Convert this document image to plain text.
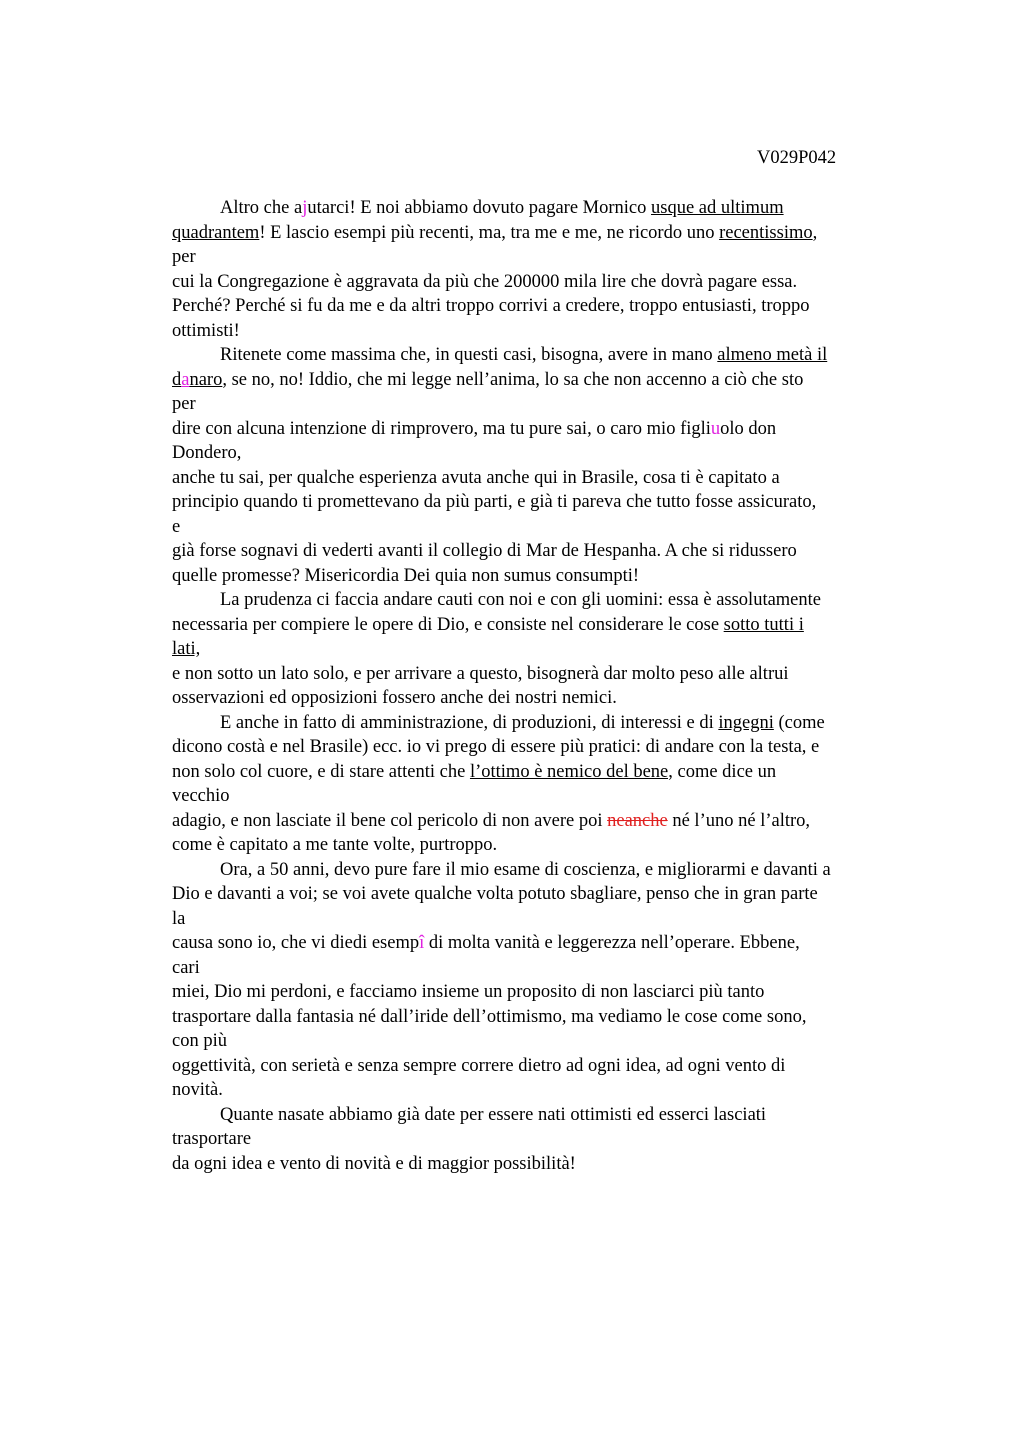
V029P042
Altro che ajutarci! E noi abbiamo dovuto pagare Mornico usque ad ultimum
quadrantem! E lascio esempi più recenti, ma, tra me e me, ne ricordo uno recentissimo,
per
cui la Congregazione è aggravata da più che 200000 mila lire che dovrà pagare essa.
Perché? Perché si fu da me e da altri troppo corrivi a credere, troppo entusiasti, troppo
ottimisti!
Ritenete come massima che, in questi casi, bisogna, avere in mano almeno metà il
danaro, se no, no! Iddio, che mi legge nell’anima, lo sa che non accenno a ciò che sto
per
dire con alcuna intenzione di rimprovero, ma tu pure sai, o caro mio figliuolo don
Dondero,
anche tu sai, per qualche esperienza avuta anche qui in Brasile, cosa ti è capitato a
principio quando ti promettevano da più parti, e già ti pareva che tutto fosse assicurato,
e
già forse sognavi di vederti avanti il collegio di Mar de Hespanha. A che si ridussero
quelle promesse? Misericordia Dei quia non sumus consumpti!
La prudenza ci faccia andare cauti con noi e con gli uomini: essa è assolutamente
necessaria per compiere le opere di Dio, e consiste nel considerare le cose sotto tutti i
lati,
e non sotto un lato solo, e per arrivare a questo, bisognerà dar molto peso alle altrui
osservazioni ed opposizioni fossero anche dei nostri nemici.
E anche in fatto di amministrazione, di produzioni, di interessi e di ingegni (come
dicono costà e nel Brasile) ecc. io vi prego di essere più pratici: di andare con la testa, e
non solo col cuore, e di stare attenti che l’ottimo è nemico del bene, come dice un
vecchio
adagio, e non lasciate il bene col pericolo di non avere poi neanche né l’uno né l’altro,
come è capitato a me tante volte, purtroppo.
Ora, a 50 anni, devo pure fare il mio esame di coscienza, e migliorarmi e davanti a
Dio e davanti a voi; se voi avete qualche volta potuto sbagliare, penso che in gran parte
la
causa sono io, che vi diedi esempî di molta vanità e leggerezza nell’operare. Ebbene,
cari
miei, Dio mi perdoni, e facciamo insieme un proposito di non lasciarci più tanto
trasportare dalla fantasia né dall’iride dell’ottimismo, ma vediamo le cose come sono,
con più
oggettività, con serietà e senza sempre correre dietro ad ogni idea, ad ogni vento di
novità.
Quante nasate abbiamo già date per essere nati ottimisti ed esserci lasciati
trasportare
da ogni idea e vento di novità e di maggior possibilità!
